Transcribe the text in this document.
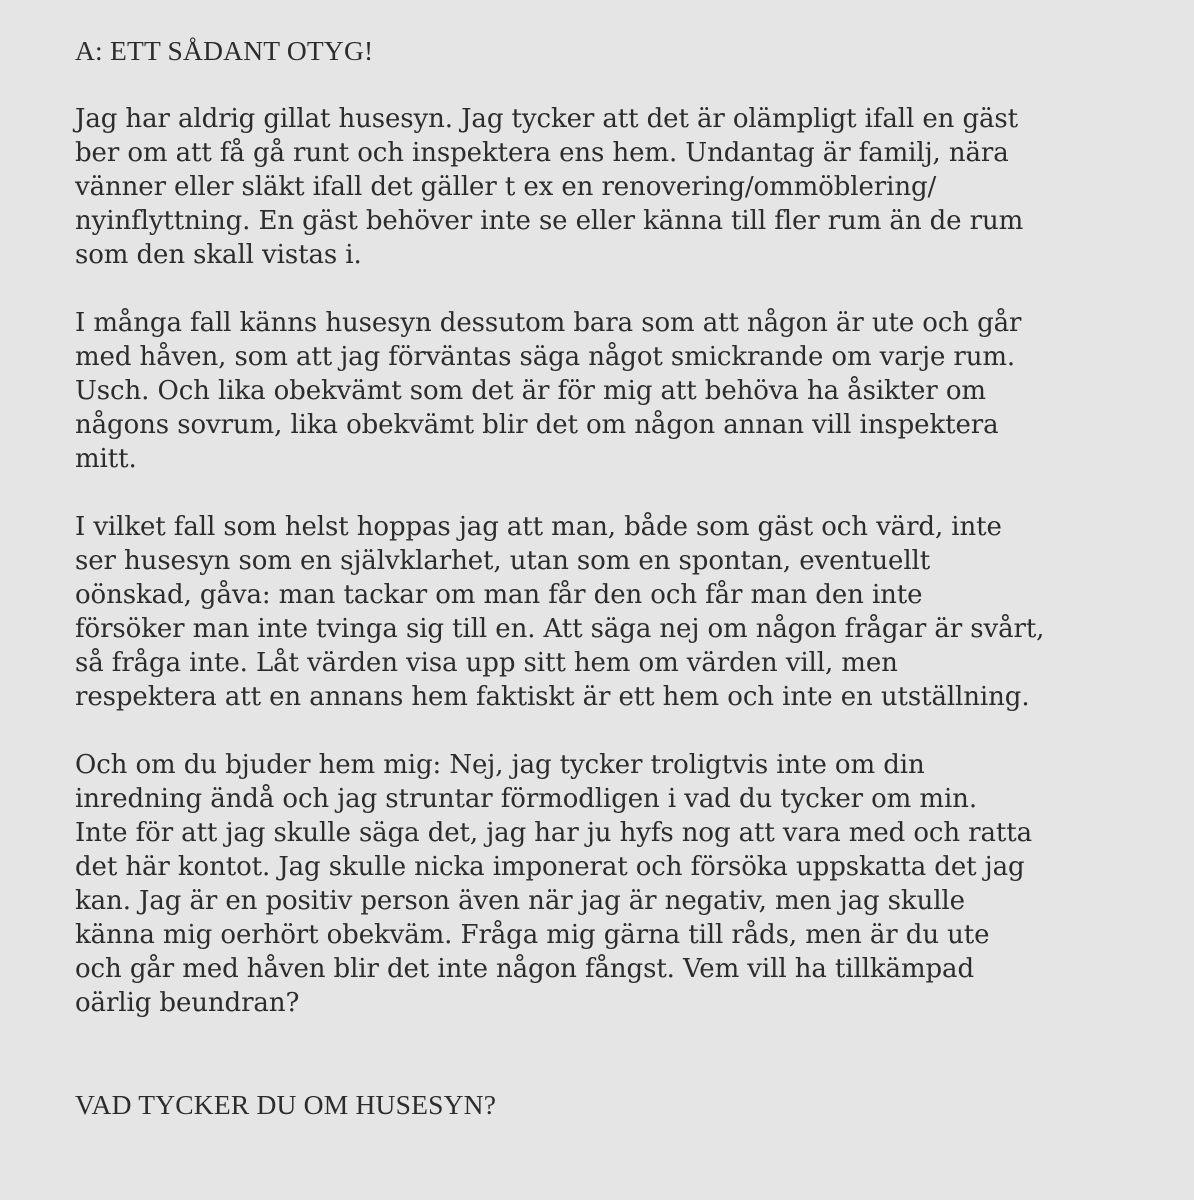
A: ETT SÅDANT OTYG!

Jag har aldrig gillat husesyn. Jag tycker att det är olämpligt ifall en gäst
ber om att få gå runt och inspektera ens hem. Undantag är familj, nära
vänner eller släkt ifall det gäller t ex en renovering/ommöblering/
nyinflyttning. En gäst behöver inte se eller känna till fler rum än de rum
som den skall vistas i.

I många fall känns husesyn dessutom bara som att någon är ute och går
med håven, som att jag förväntas säga något smickrande om varje rum.
Usch. Och lika obekvämt som det är för mig att behöva ha åsikter om
någons sovrum, lika obekvämt blir det om någon annan vill inspektera
mitt.

I vilket fall som helst hoppas jag att man, både som gäst och värd, inte
ser husesyn som en självklarhet, utan som en spontan, eventuellt
oönskad, gåva: man tackar om man får den och får man den inte
försöker man inte tvinga sig till en. Att säga nej om någon frågar är svårt,
så fråga inte. Låt värden visa upp sitt hem om värden vill, men
respektera att en annans hem faktiskt är ett hem och inte en utställning.

Och om du bjuder hem mig: Nej, jag tycker troligtvis inte om din
inredning ändå och jag struntar förmodligen i vad du tycker om min.
Inte för att jag skulle säga det, jag har ju hyfs nog att vara med och ratta
det här kontot. Jag skulle nicka imponerat och försöka uppskatta det jag
kan. Jag är en positiv person även när jag är negativ, men jag skulle
känna mig oerhört obekväm. Fråga mig gärna till råds, men är du ute
och går med håven blir det inte någon fångst. Vem vill ha tillkämpad
oärlig beundran?

VAD TYCKER DU OM HUSESYN?
